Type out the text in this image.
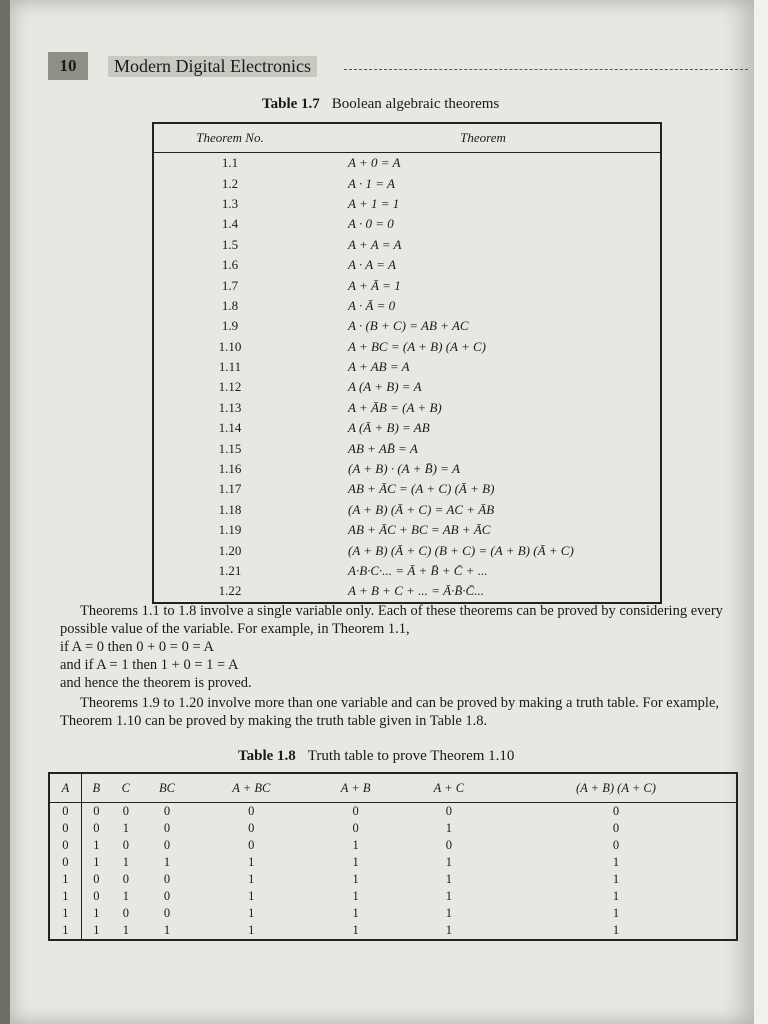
10	Modern Digital Electronics
Table 1.7 Boolean algebraic theorems
Theorem No.	Theorem
1.1	A + 0 = A
1.2	A · 1 = A
1.3	A + 1 = 1
1.4	A · 0 = 0
1.5	A + A = A
1.6	A · A = A
1.7	A + Ā = 1
1.8	A · Ā = 0
1.9	A · (B + C) = AB + AC
1.10	A + BC = (A + B) (A + C)
1.11	A + AB = A
1.12	A (A + B) = A
1.13	A + ĀB = (A + B)
1.14	A (Ā + B) = AB
1.15	AB + AB̄ = A
1.16	(A + B) · (A + B̄) = A
1.17	AB + ĀC = (A + C) (Ā + B)
1.18	(A + B) (Ā + C) = AC + ĀB
1.19	AB + ĀC + BC = AB + ĀC
1.20	(A + B) (Ā + C) (B + C) = (A + B) (Ā + C)
1.21	A·B·C·... = Ā + B̄ + C̄ + ...
1.22	A + B + C + ... = Ā·B̄·C̄...
Theorems 1.1 to 1.8 involve a single variable only. Each of these theorems can be proved by considering every possible value of the variable. For example, in Theorem 1.1,
if A = 0 then 0 + 0 = 0 = A
and if A = 1 then 1 + 0 = 1 = A
and hence the theorem is proved.
Theorems 1.9 to 1.20 involve more than one variable and can be proved by making a truth table. For example, Theorem 1.10 can be proved by making the truth table given in Table 1.8.
Table 1.8 Truth table to prove Theorem 1.10
A	B	C	BC	A + BC	A + B	A + C	(A + B) (A + C)
0	0	0	0	0	0	0	0
0	0	1	0	0	0	1	0
0	1	0	0	0	1	0	0
0	1	1	1	1	1	1	1
1	0	0	0	1	1	1	1
1	0	1	0	1	1	1	1
1	1	0	0	1	1	1	1
1	1	1	1	1	1	1	1
